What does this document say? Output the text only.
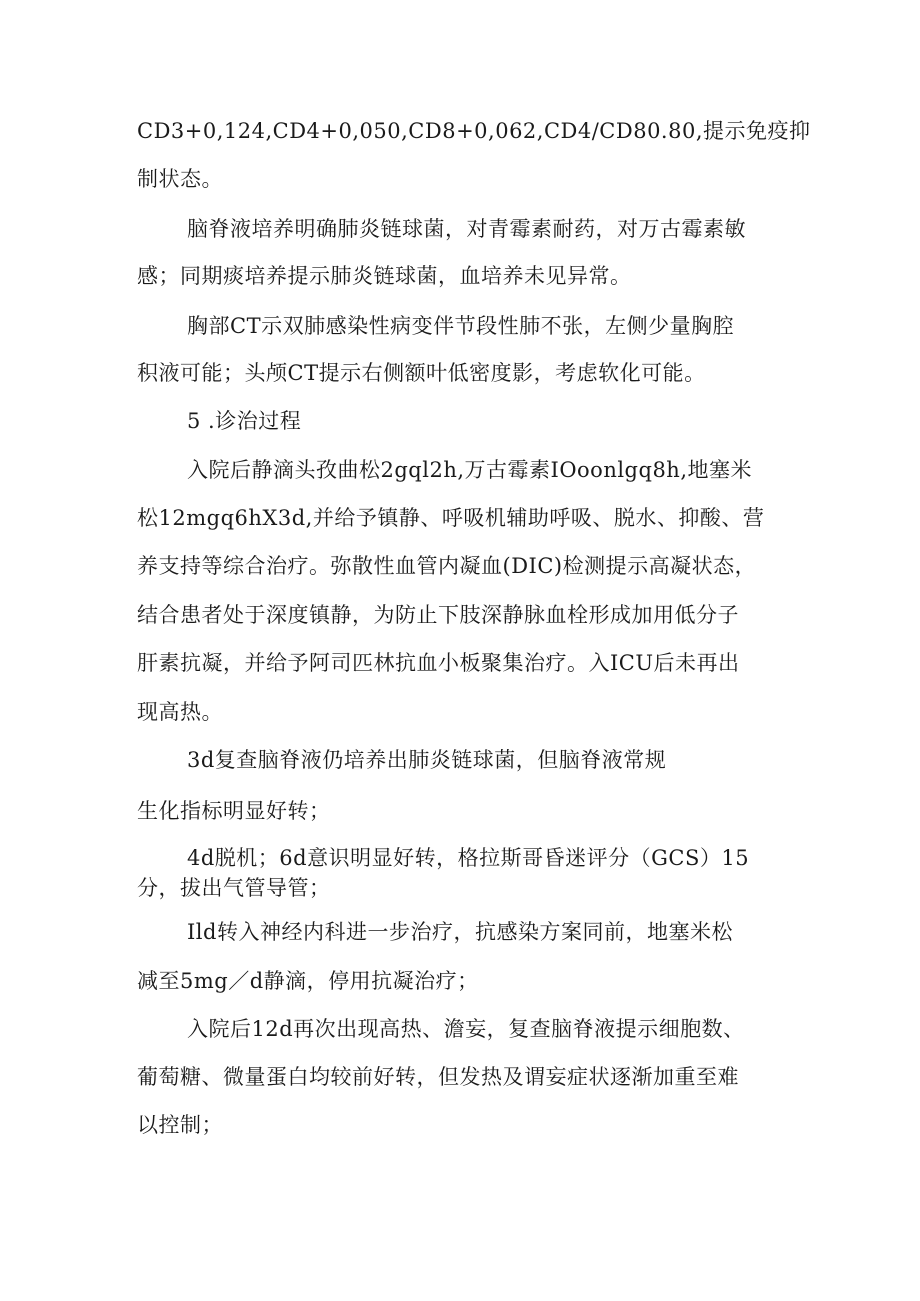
CD3+0,124,CD4+0,050,CD8+0,062,CD4/CD80.80,提示免疫抑

制状态。

脑脊液培养明确肺炎链球菌，对青霉素耐药，对万古霉素敏

感；同期痰培养提示肺炎链球菌，血培养未见异常。

胸部CT示双肺感染性病变伴节段性肺不张，左侧少量胸腔

积液可能；头颅CT提示右侧额叶低密度影，考虑软化可能。

5 .诊治过程

入院后静滴头孜曲松2gql2h,万古霉素IOoonlgq8h,地塞米

松12mgq6hX3d,并给予镇静、呼吸机辅助呼吸、脱水、抑酸、营

养支持等综合治疗。弥散性血管内凝血(DIC)检测提示高凝状态，

结合患者处于深度镇静，为防止下肢深静脉血栓形成加用低分子

肝素抗凝，并给予阿司匹林抗血小板聚集治疗。入ICU后未再出

现高热。

3d复查脑脊液仍培养出肺炎链球菌，但脑脊液常规

生化指标明显好转；

4d脱机；6d意识明显好转，格拉斯哥昏迷评分（GCS）15

分，拔出气管导管；

Ild转入神经内科进一步治疗，抗感染方案同前，地塞米松

减至5mg／d静滴，停用抗凝治疗；

入院后12d再次出现高热、澹妄，复查脑脊液提示细胞数、

葡萄糖、微量蛋白均较前好转，但发热及谓妄症状逐渐加重至难

以控制；
